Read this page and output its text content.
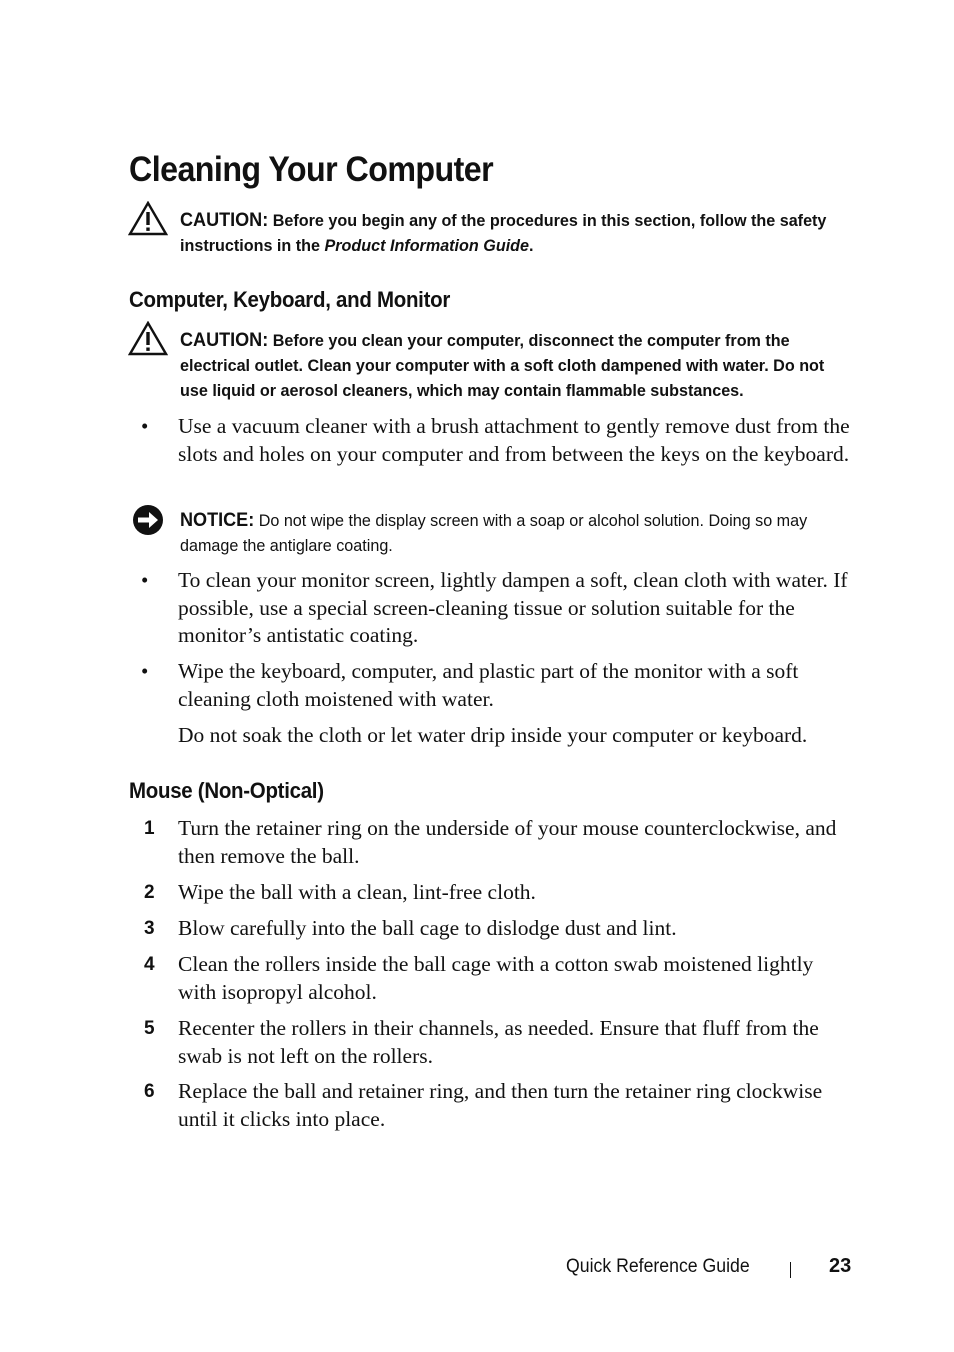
Cleaning Your Computer
CAUTION: Before you begin any of the procedures in this section, follow the safety instructions in the Product Information Guide.
Computer, Keyboard, and Monitor
CAUTION: Before you clean your computer, disconnect the computer from the electrical outlet. Clean your computer with a soft cloth dampened with water. Do not use liquid or aerosol cleaners, which may contain flammable substances.
• Use a vacuum cleaner with a brush attachment to gently remove dust from the slots and holes on your computer and from between the keys on the keyboard.
NOTICE: Do not wipe the display screen with a soap or alcohol solution. Doing so may damage the antiglare coating.
• To clean your monitor screen, lightly dampen a soft, clean cloth with water. If possible, use a special screen-cleaning tissue or solution suitable for the monitor’s antistatic coating.
• Wipe the keyboard, computer, and plastic part of the monitor with a soft cleaning cloth moistened with water.
Do not soak the cloth or let water drip inside your computer or keyboard.
Mouse (Non-Optical)
1 Turn the retainer ring on the underside of your mouse counterclockwise, and then remove the ball.
2 Wipe the ball with a clean, lint-free cloth.
3 Blow carefully into the ball cage to dislodge dust and lint.
4 Clean the rollers inside the ball cage with a cotton swab moistened lightly with isopropyl alcohol.
5 Recenter the rollers in their channels, as needed. Ensure that fluff from the swab is not left on the rollers.
6 Replace the ball and retainer ring, and then turn the retainer ring clockwise until it clicks into place.
Quick Reference Guide	23
